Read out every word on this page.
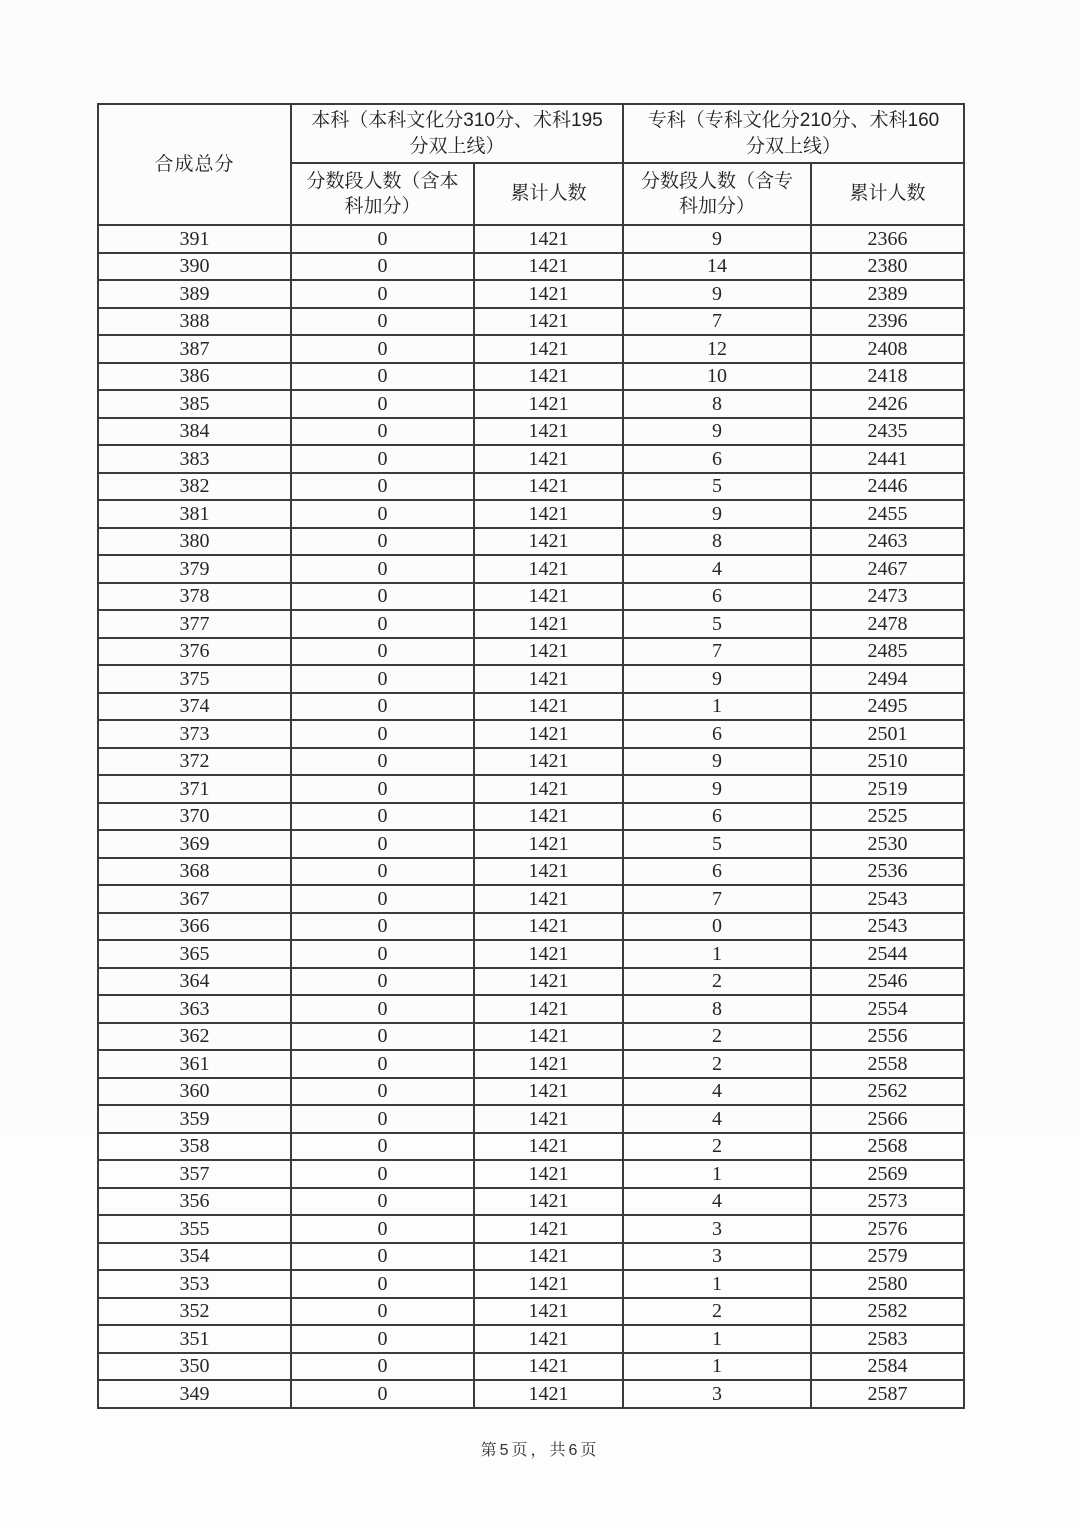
合成总分	本科（本科文化分310分、术科195分双上线）		专科（专科文化分210分、术科160分双上线）	
	分数段人数（含本科加分）	累计人数	分数段人数（含专科加分）	累计人数
391	0	1421	9	2366
390	0	1421	14	2380
389	0	1421	9	2389
388	0	1421	7	2396
387	0	1421	12	2408
386	0	1421	10	2418
385	0	1421	8	2426
384	0	1421	9	2435
383	0	1421	6	2441
382	0	1421	5	2446
381	0	1421	9	2455
380	0	1421	8	2463
379	0	1421	4	2467
378	0	1421	6	2473
377	0	1421	5	2478
376	0	1421	7	2485
375	0	1421	9	2494
374	0	1421	1	2495
373	0	1421	6	2501
372	0	1421	9	2510
371	0	1421	9	2519
370	0	1421	6	2525
369	0	1421	5	2530
368	0	1421	6	2536
367	0	1421	7	2543
366	0	1421	0	2543
365	0	1421	1	2544
364	0	1421	2	2546
363	0	1421	8	2554
362	0	1421	2	2556
361	0	1421	2	2558
360	0	1421	4	2562
359	0	1421	4	2566
358	0	1421	2	2568
357	0	1421	1	2569
356	0	1421	4	2573
355	0	1421	3	2576
354	0	1421	3	2579
353	0	1421	1	2580
352	0	1421	2	2582
351	0	1421	1	2583
350	0	1421	1	2584
349	0	1421	3	2587
第5页，共6页
